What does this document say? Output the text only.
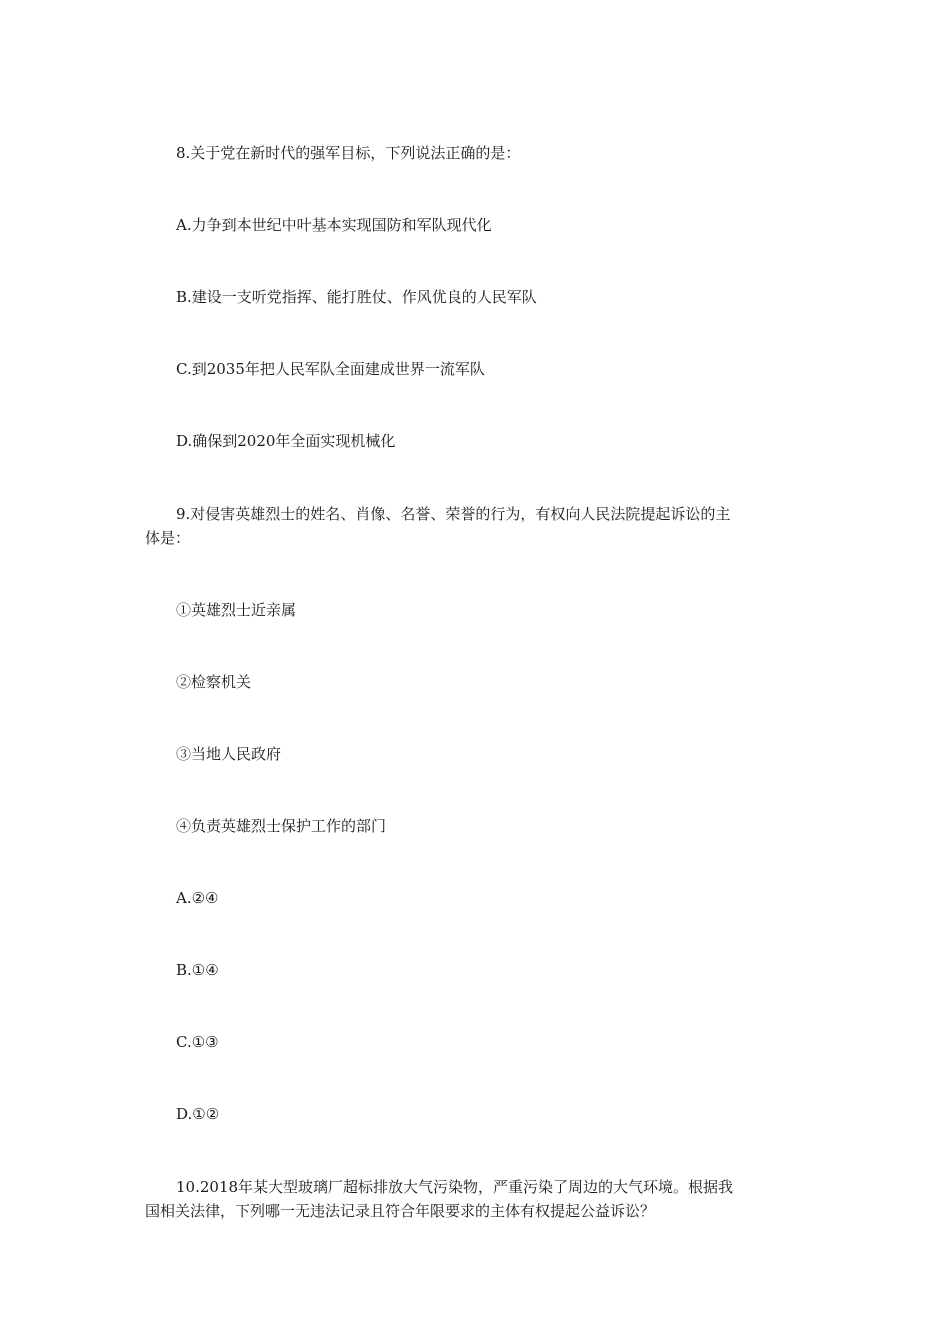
8.关于党在新时代的强军目标，下列说法正确的是：

A.力争到本世纪中叶基本实现国防和军队现代化

B.建设一支听党指挥、能打胜仗、作风优良的人民军队

C.到2035年把人民军队全面建成世界一流军队

D.确保到2020年全面实现机械化

9.对侵害英雄烈士的姓名、肖像、名誉、荣誉的行为，有权向人民法院提起诉讼的主

体是：

①英雄烈士近亲属

②检察机关

③当地人民政府

④负责英雄烈士保护工作的部门

A.②④

B.①④

C.①③

D.①②

10.2018年某大型玻璃厂超标排放大气污染物，严重污染了周边的大气环境。根据我

国相关法律，下列哪一无违法记录且符合年限要求的主体有权提起公益诉讼？
